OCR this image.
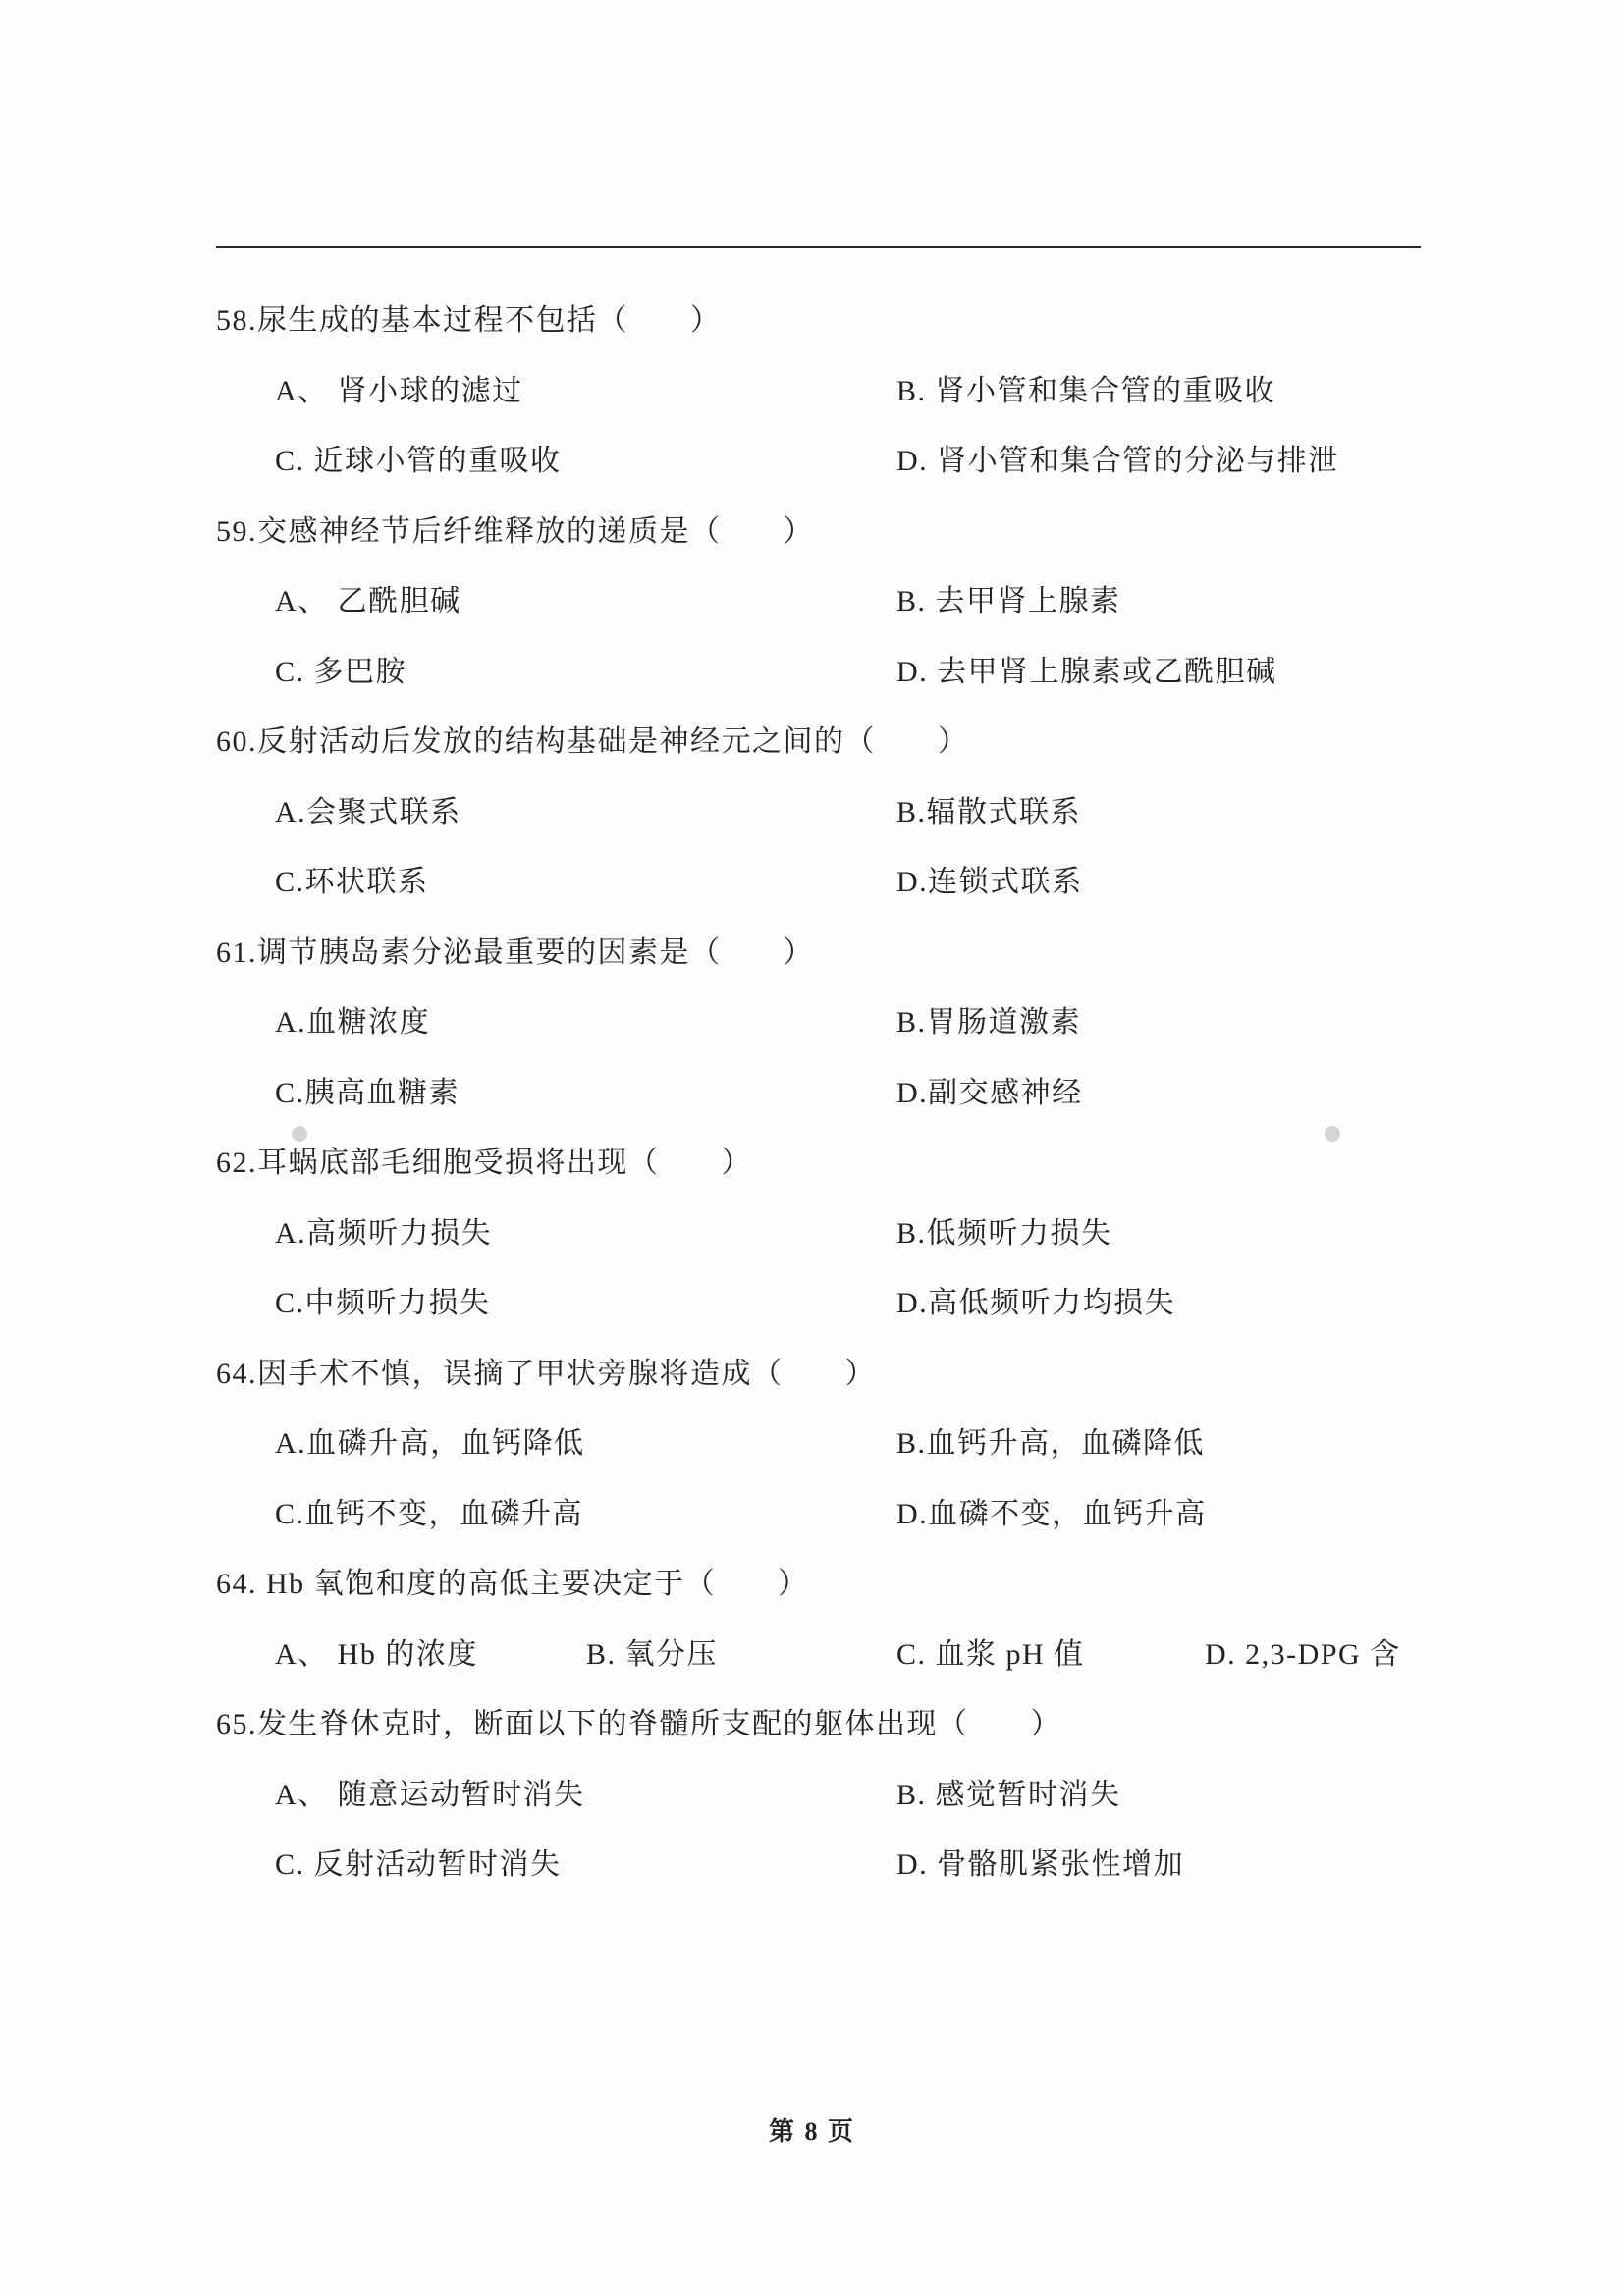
58.尿生成的基本过程不包括（　　）
A、 肾小球的滤过	B. 肾小管和集合管的重吸收
C. 近球小管的重吸收	D. 肾小管和集合管的分泌与排泄
59.交感神经节后纤维释放的递质是（　　）
A、 乙酰胆碱	B. 去甲肾上腺素
C. 多巴胺	D. 去甲肾上腺素或乙酰胆碱
60.反射活动后发放的结构基础是神经元之间的（　　）
A.会聚式联系	B.辐散式联系
C.环状联系	D.连锁式联系
61.调节胰岛素分泌最重要的因素是（　　）
A.血糖浓度	B.胃肠道激素
C.胰高血糖素	D.副交感神经
62.耳蜗底部毛细胞受损将出现（　　）
A.高频听力损失	B.低频听力损失
C.中频听力损失	D.高低频听力均损失
64.因手术不慎，误摘了甲状旁腺将造成（　　）
A.血磷升高，血钙降低	B.血钙升高，血磷降低
C.血钙不变，血磷升高	D.血磷不变，血钙升高
64. Hb 氧饱和度的高低主要决定于（　　）
A、 Hb 的浓度	B. 氧分压	C. 血浆 pH 值	D. 2,3-DPG 含
65.发生脊休克时，断面以下的脊髓所支配的躯体出现（　　）
A、 随意运动暂时消失	B. 感觉暂时消失
C. 反射活动暂时消失	D. 骨骼肌紧张性增加
第 8 页
